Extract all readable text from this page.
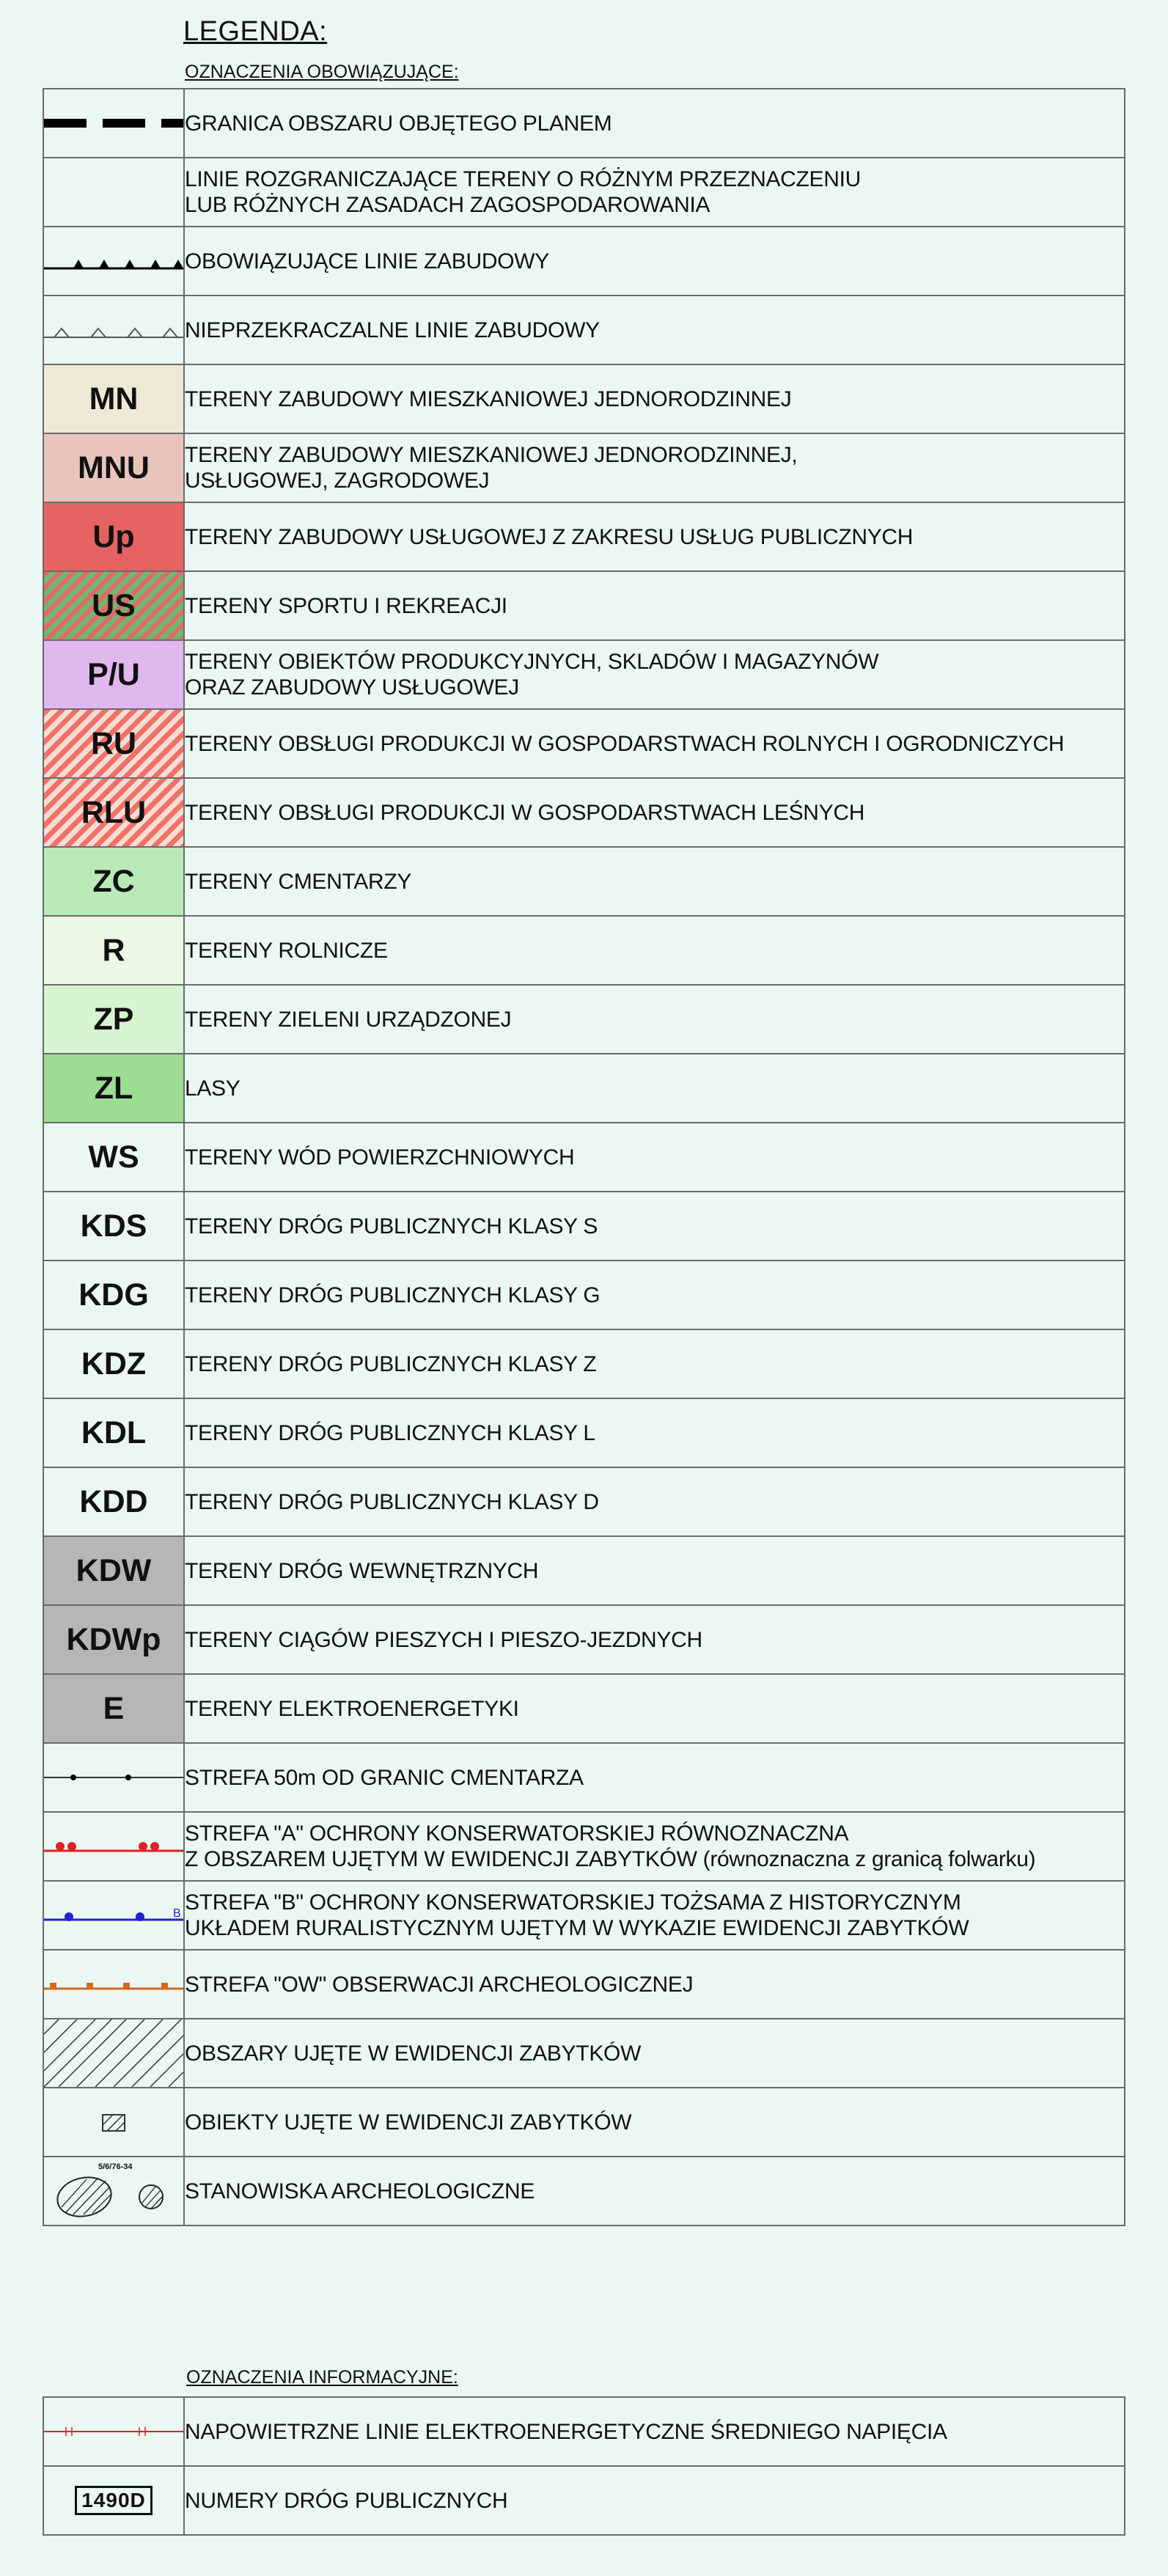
LEGENDA:
OZNACZENIA OBOWIĄZUJĄCE:
	GRANICA OBSZARU OBJĘTEGO PLANEM

	LINIE ROZGRANICZAJĄCE TERENY O RÓŻNYM PRZEZNACZENIU
LUB RÓŻNYCH ZASADACH ZAGOSPODAROWANIA

	OBOWIĄZUJĄCE LINIE ZABUDOWY

	NIEPRZEKRACZALNE LINIE ZABUDOWY

MN	TERENY ZABUDOWY MIESZKANIOWEJ JEDNORODZINNEJ

MNU	TERENY ZABUDOWY MIESZKANIOWEJ JEDNORODZINNEJ,
USŁUGOWEJ, ZAGRODOWEJ

Up	TERENY ZABUDOWY USŁUGOWEJ Z ZAKRESU USŁUG PUBLICZNYCH

US	TERENY SPORTU I REKREACJI

P/U	TERENY OBIEKTÓW PRODUKCYJNYCH, SKLADÓW I MAGAZYNÓW
ORAZ ZABUDOWY USŁUGOWEJ

RU	TERENY OBSŁUGI PRODUKCJI W GOSPODARSTWACH ROLNYCH I OGRODNICZYCH

RLU	TERENY OBSŁUGI PRODUKCJI W GOSPODARSTWACH LEŚNYCH

ZC	TERENY CMENTARZY

R	TERENY ROLNICZE

ZP	TERENY ZIELENI URZĄDZONEJ

ZL	LASY

WS	TERENY WÓD POWIERZCHNIOWYCH

KDS	TERENY DRÓG PUBLICZNYCH KLASY S

KDG	TERENY DRÓG PUBLICZNYCH KLASY G

KDZ	TERENY DRÓG PUBLICZNYCH KLASY Z

KDL	TERENY DRÓG PUBLICZNYCH KLASY L

KDD	TERENY DRÓG PUBLICZNYCH KLASY D

KDW	TERENY DRÓG WEWNĘTRZNYCH

KDWp	TERENY CIĄGÓW PIESZYCH I PIESZO-JEZDNYCH

E	TERENY ELEKTROENERGETYKI

	STREFA 50m OD GRANIC CMENTARZA

STREFA "A" OCHRONY KONSERWATORSKIEJ RÓWNOZNACZNA
Z OBSZAREM UJĘTYM W EWIDENCJI ZABYTKÓW (równoznaczna z granicą folwarku)

B	STREFA "B" OCHRONY KONSERWATORSKIEJ TOŻSAMA Z HISTORYCZNYM
UKŁADEM RURALISTYCZNYM UJĘTYM W WYKAZIE EWIDENCJI ZABYTKÓW

	STREFA "OW" OBSERWACJI ARCHEOLOGICZNEJ

	OBSZARY UJĘTE W EWIDENCJI ZABYTKÓW

	OBIEKTY UJĘTE W EWIDENCJI ZABYTKÓW

5/6/76-34	STANOWISKA ARCHEOLOGICZNE
OZNACZENIA INFORMACYJNE:
	NAPOWIETRZNE LINIE ELEKTROENERGETYCZNE ŚREDNIEGO NAPIĘCIA
1490D	NUMERY DRÓG PUBLICZNYCH
